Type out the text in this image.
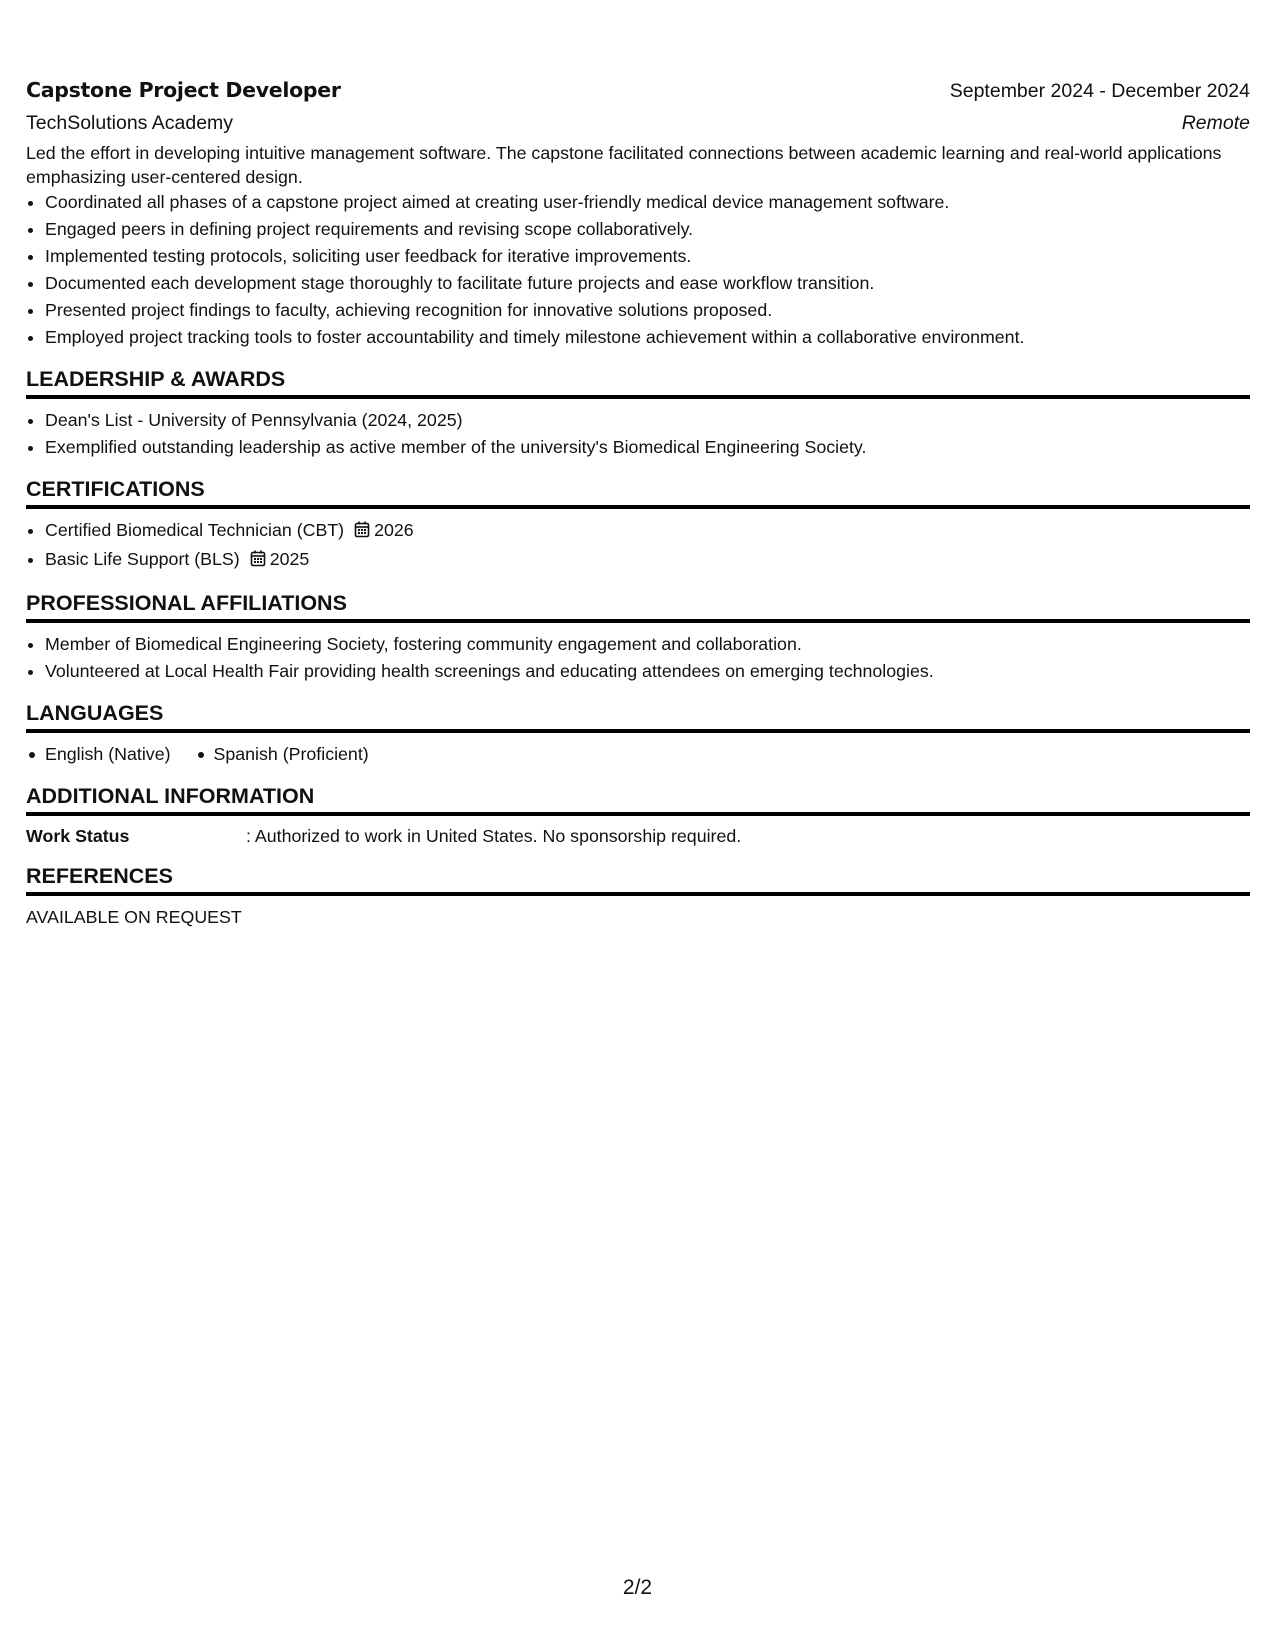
Capstone Project Developer	September 2024 - December 2024
TechSolutions Academy	Remote
Led the effort in developing intuitive management software. The capstone facilitated connections between academic learning and real-world applications emphasizing user-centered design.
• Coordinated all phases of a capstone project aimed at creating user-friendly medical device management software.
• Engaged peers in defining project requirements and revising scope collaboratively.
• Implemented testing protocols, soliciting user feedback for iterative improvements.
• Documented each development stage thoroughly to facilitate future projects and ease workflow transition.
• Presented project findings to faculty, achieving recognition for innovative solutions proposed.
• Employed project tracking tools to foster accountability and timely milestone achievement within a collaborative environment.
LEADERSHIP & AWARDS
• Dean's List - University of Pennsylvania (2024, 2025)
• Exemplified outstanding leadership as active member of the university's Biomedical Engineering Society.
CERTIFICATIONS
• Certified Biomedical Technician (CBT) 2026
• Basic Life Support (BLS) 2025
PROFESSIONAL AFFILIATIONS
• Member of Biomedical Engineering Society, fostering community engagement and collaboration.
• Volunteered at Local Health Fair providing health screenings and educating attendees on emerging technologies.
LANGUAGES
English (Native)	Spanish (Proficient)
ADDITIONAL INFORMATION
Work Status	: Authorized to work in United States. No sponsorship required.
REFERENCES
AVAILABLE ON REQUEST
2/2
